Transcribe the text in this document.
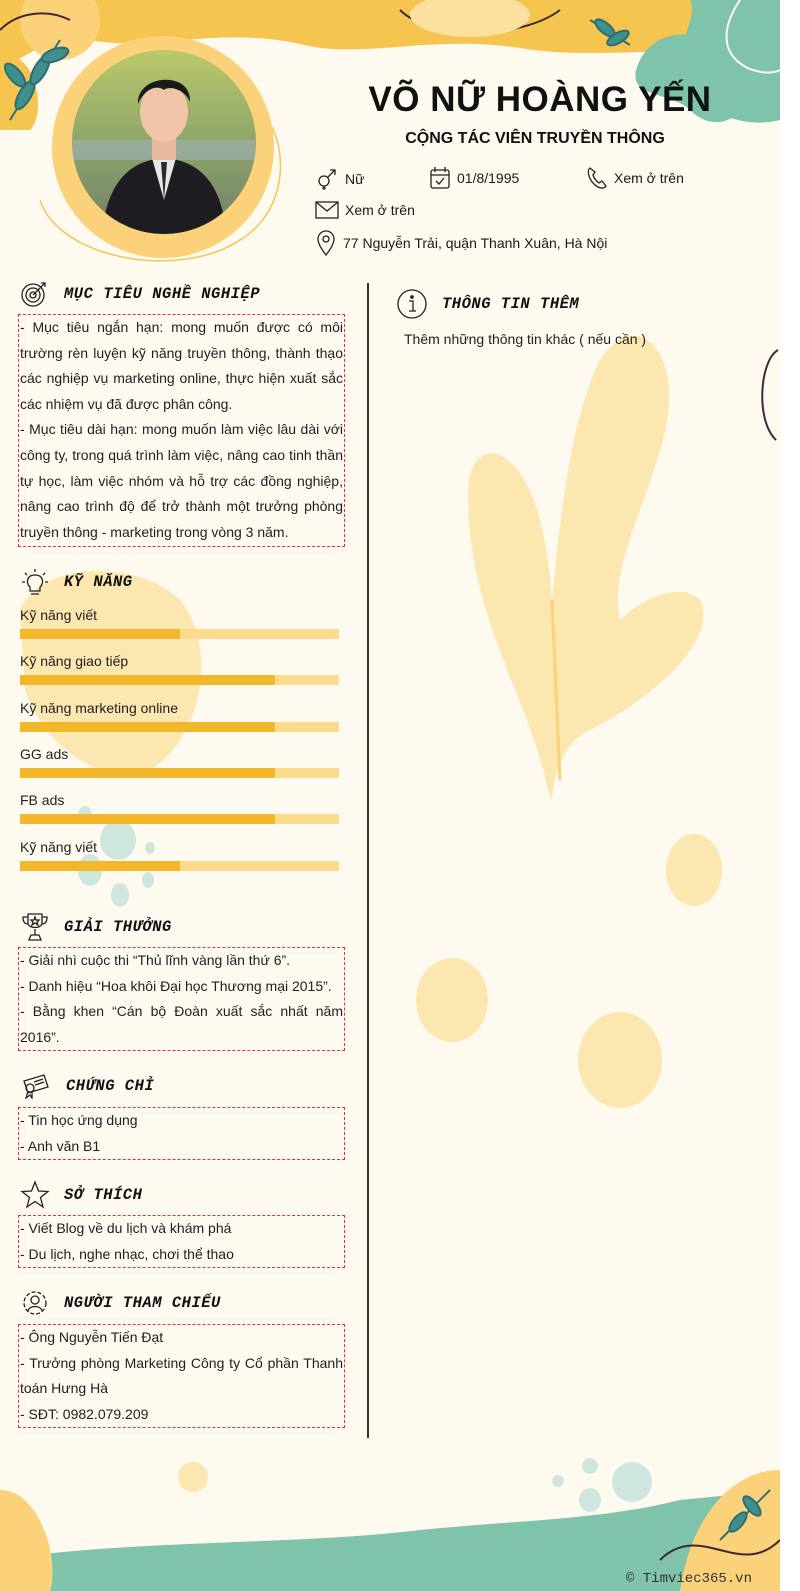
VÕ NỮ HOÀNG YẾN
CỘNG TÁC VIÊN TRUYỀN THÔNG
Nữ	01/8/1995	Xem ở trên
Xem ở trên
77 Nguyễn Trải, quận Thanh Xuân, Hà Nội
MỤC TIÊU NGHỀ NGHIỆP
- Mục tiêu ngắn hạn: mong muốn được có môi trường rèn luyện kỹ năng truyền thông, thành thạo các nghiệp vụ marketing online, thực hiện xuất sắc các nhiệm vụ đã được phân công.
- Mục tiêu dài hạn: mong muốn làm việc lâu dài với công ty, trong quá trình làm việc, nâng cao tinh thần tự học, làm việc nhóm và hỗ trợ các đồng nghiệp, nâng cao trình độ để trở thành một trưởng phòng truyền thông - marketing trong vòng 3 năm.
KỸ NĂNG
Kỹ năng viết
Kỹ năng giao tiếp
Kỹ năng marketing online
GG ads
FB ads
Kỹ năng viết
GIẢI THƯỞNG
- Giải nhì cuộc thi “Thủ lĩnh vàng lần thứ 6”.
- Danh hiệu “Hoa khôi Đại học Thương mại 2015”.
- Bằng khen “Cán bộ Đoàn xuất sắc nhất năm 2016”.
CHỨNG CHỈ
- Tin học ứng dụng
- Anh văn B1
SỞ THÍCH
- Viết Blog về du lịch và khám phá
- Du lịch, nghe nhạc, chơi thể thao
NGƯỜI THAM CHIẾU
- Ông Nguyễn Tiến Đạt
- Trưởng phòng Marketing Công ty Cổ phần Thanh toán Hưng Hà
- SĐT: 0982.079.209
THÔNG TIN THÊM
Thêm những thông tin khác ( nếu cần )
© Timviec365.vn
